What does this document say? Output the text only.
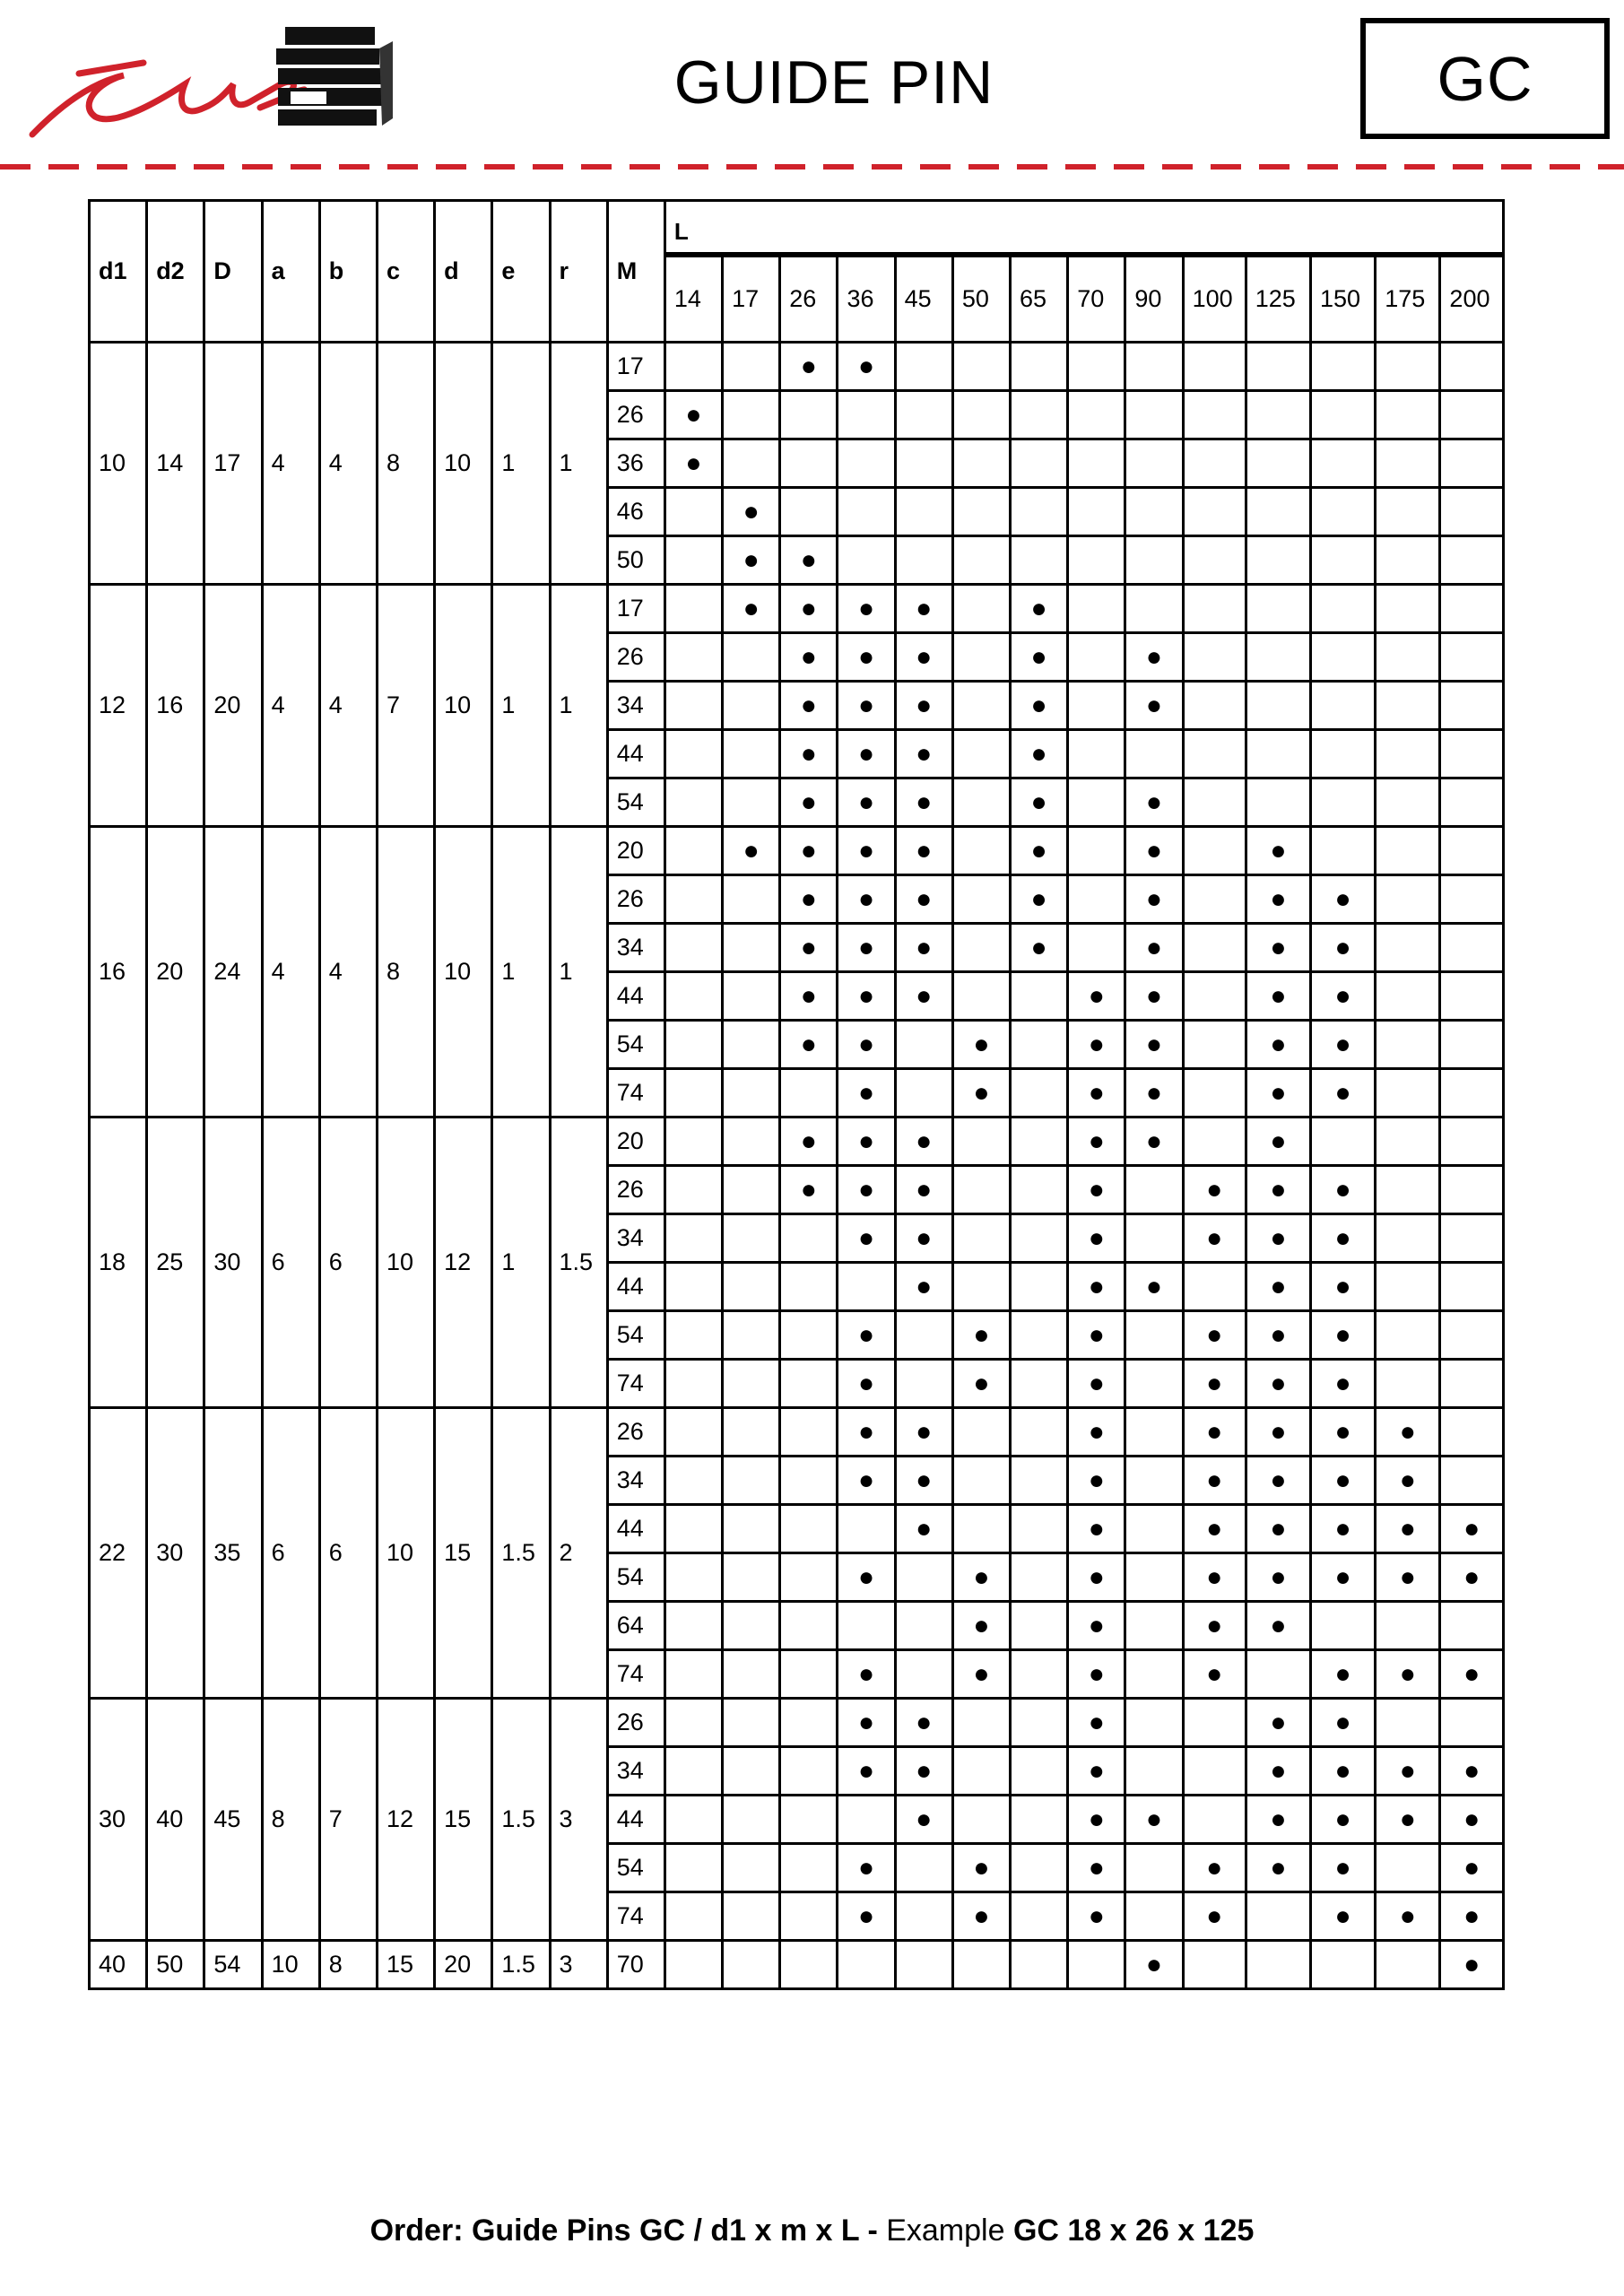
GUIDE PIN	GC
d1	d2	D	a	b	c	d	e	r	M	L													
										14	17	26	36	45	50	65	70	90	100	125	150	175	200
10	14	17	4	4	8	10	1	1	17			●	●										
									26	●													
									36	●													
									46		●												
									50		●	●											
12	16	20	4	4	7	10	1	1	17		●	●	●	●		●							
									26			●	●	●		●		●					
									34			●	●	●		●		●					
									44			●	●	●		●							
									54			●	●	●		●		●					
16	20	24	4	4	8	10	1	1	20		●	●	●	●		●		●		●			
									26			●	●	●		●		●		●	●		
									34			●	●	●		●		●		●	●		
									44			●	●	●			●	●		●	●		
									54			●	●		●		●	●		●	●		
									74				●		●		●	●		●	●		
18	25	30	6	6	10	12	1	1.5	20			●	●	●			●	●		●			
									26			●	●	●			●		●	●	●		
									34				●	●			●		●	●	●		
									44					●			●	●		●	●		
									54				●		●		●		●	●	●		
									74				●		●		●		●	●	●		
22	30	35	6	6	10	15	1.5	2	26				●	●			●		●	●	●	●	
									34				●	●			●		●	●	●	●	
									44					●			●		●	●	●	●	●
									54				●		●		●		●	●	●	●	●
									64						●		●		●	●			
									74				●		●		●		●		●	●	●
30	40	45	8	7	12	15	1.5	3	26				●	●			●			●	●		
									34				●	●			●			●	●	●	●
									44					●			●	●		●	●	●	●
									54				●		●		●		●	●	●		●
									74				●		●		●		●		●	●	●
40	50	54	10	8	15	20	1.5	3	70									●					●
Order: Guide Pins GC / d1 x m x L - Example GC 18 x 26 x 125
